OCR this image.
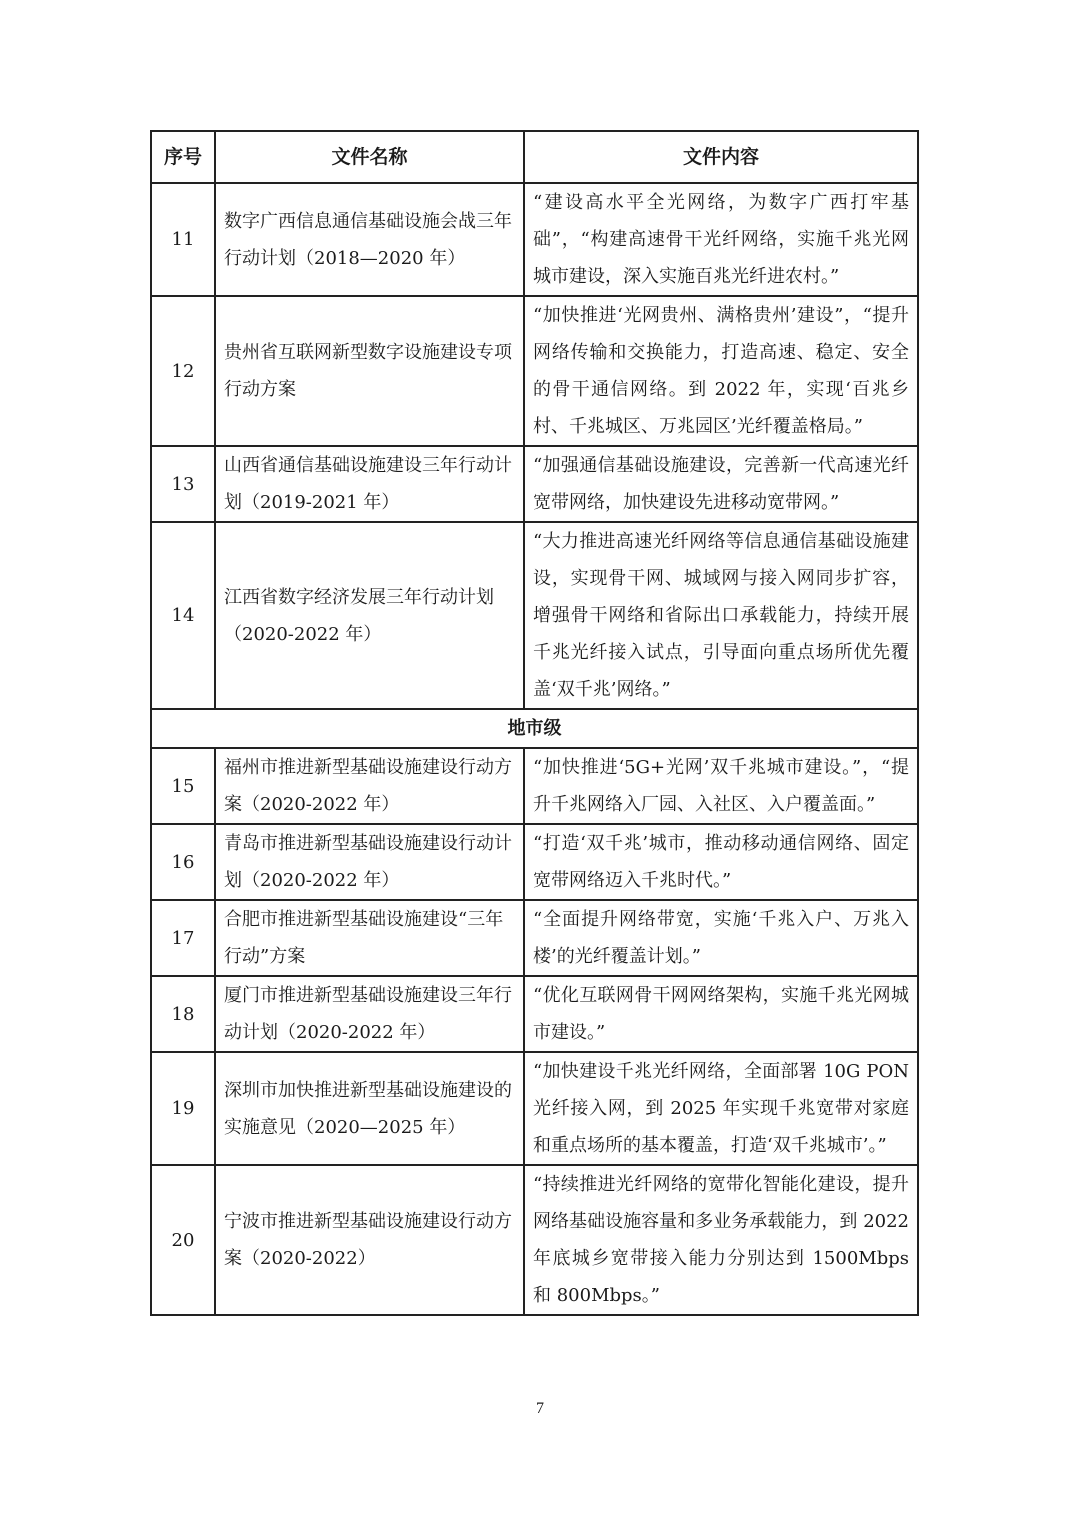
序号	文件名称	文件内容
11	数字广西信息通信基础设施会战三年行动计划（2018—2020 年）	“建设高水平全光网络，为数字广西打牢基础”，“构建高速骨干光纤网络，实施千兆光网城市建设，深入实施百兆光纤进农村。”
12	贵州省互联网新型数字设施建设专项行动方案	“加快推进‘光网贵州、满格贵州’建设”，“提升网络传输和交换能力，打造高速、稳定、安全的骨干通信网络。到 2022 年，实现‘百兆乡村、千兆城区、万兆园区’光纤覆盖格局。”
13	山西省通信基础设施建设三年行动计划（2019-2021 年）	“加强通信基础设施建设，完善新一代高速光纤宽带网络，加快建设先进移动宽带网。”
14	江西省数字经济发展三年行动计划（2020-2022 年）	“大力推进高速光纤网络等信息通信基础设施建设，实现骨干网、城域网与接入网同步扩容，增强骨干网络和省际出口承载能力，持续开展千兆光纤接入试点，引导面向重点场所优先覆盖‘双千兆’网络。”
地市级		
15	福州市推进新型基础设施建设行动方案（2020-2022 年）	“加快推进‘5G+光网’双千兆城市建设。”，“提升千兆网络入厂园、入社区、入户覆盖面。”
16	青岛市推进新型基础设施建设行动计划（2020-2022 年）	“打造‘双千兆’城市，推动移动通信网络、固定宽带网络迈入千兆时代。”
17	合肥市推进新型基础设施建设“三年行动”方案	“全面提升网络带宽，实施‘千兆入户、万兆入楼’的光纤覆盖计划。”
18	厦门市推进新型基础设施建设三年行动计划（2020-2022 年）	“优化互联网骨干网网络架构，实施千兆光网城市建设。”
19	深圳市加快推进新型基础设施建设的实施意见（2020—2025 年）	“加快建设千兆光纤网络，全面部署 10G PON 光纤接入网，到 2025 年实现千兆宽带对家庭和重点场所的基本覆盖，打造‘双千兆城市’。”
20	宁波市推进新型基础设施建设行动方案（2020-2022）	“持续推进光纤网络的宽带化智能化建设，提升网络基础设施容量和多业务承载能力，到 2022 年底城乡宽带接入能力分别达到 1500Mbps 和 800Mbps。”
7
